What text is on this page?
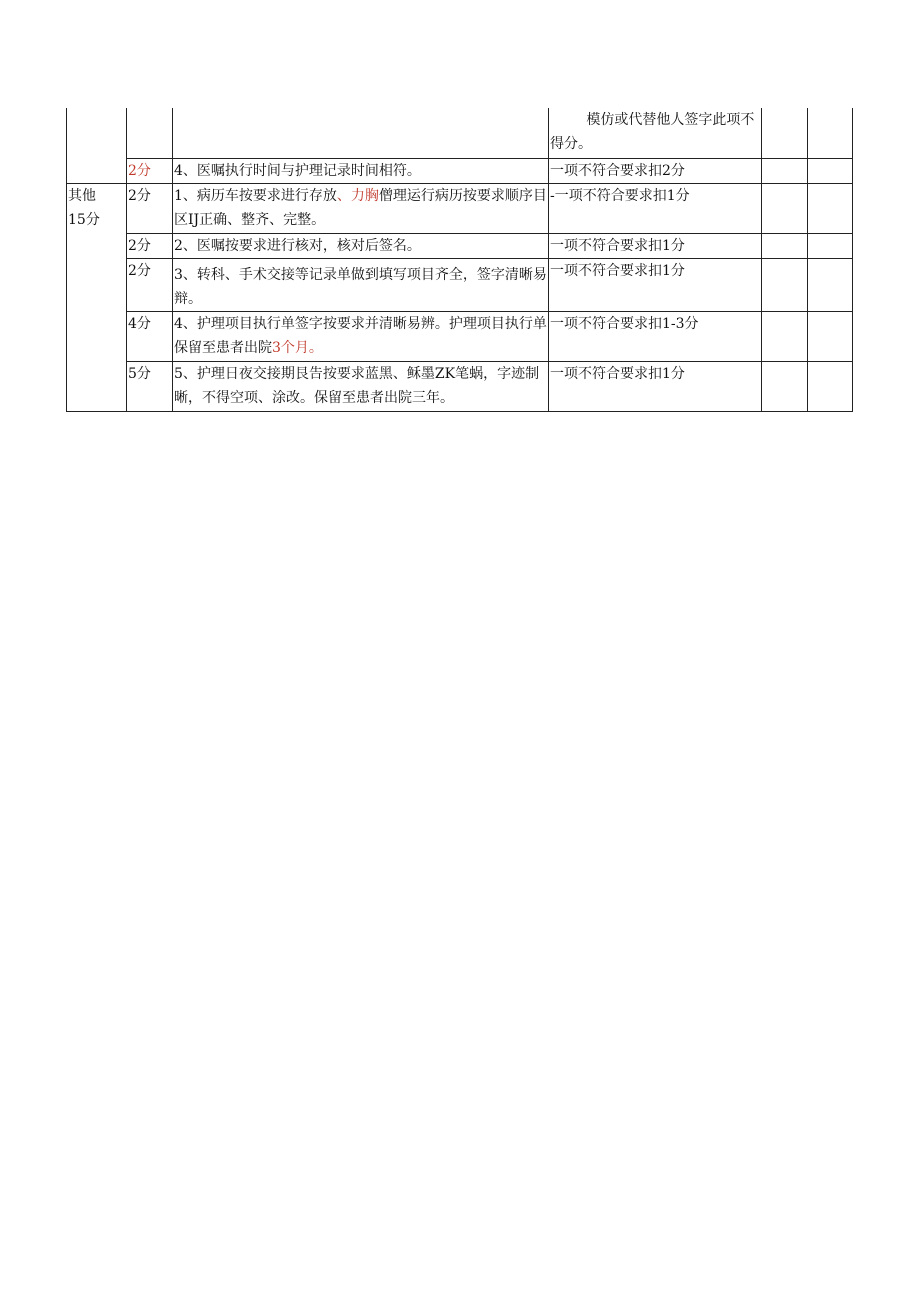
			模仿或代替他人签字此项不得分。		
	2分	4、医嘱执行时间与护理记录时间相符。	一项不符合要求扣2分		

其他
15分	2分	1、病历车按要求进行存放、力胸僧理运行病历按要求顺序目区IJ正确、整齐、完整。	-一项不符合要求扣1分		
	2分	2、医嘱按要求进行核对，核对后签名。	一项不符合要求扣1分		
	2分	3、转科、手术交接等记录单做到填写项目齐全，签字清晰易辩。	一项不符合要求扣1分		
	4分	4、护理项目执行单签字按要求并清晰易辨。护理项目执行单保留至患者出院3个月。	一项不符合要求扣1-3分		
	5分	5、护理日夜交接期艮告按要求蓝黑、稣墨ZK笔蜗，字迹制晰，不得空项、涂改。保留至患者出院三年。	一项不符合要求扣1分		
